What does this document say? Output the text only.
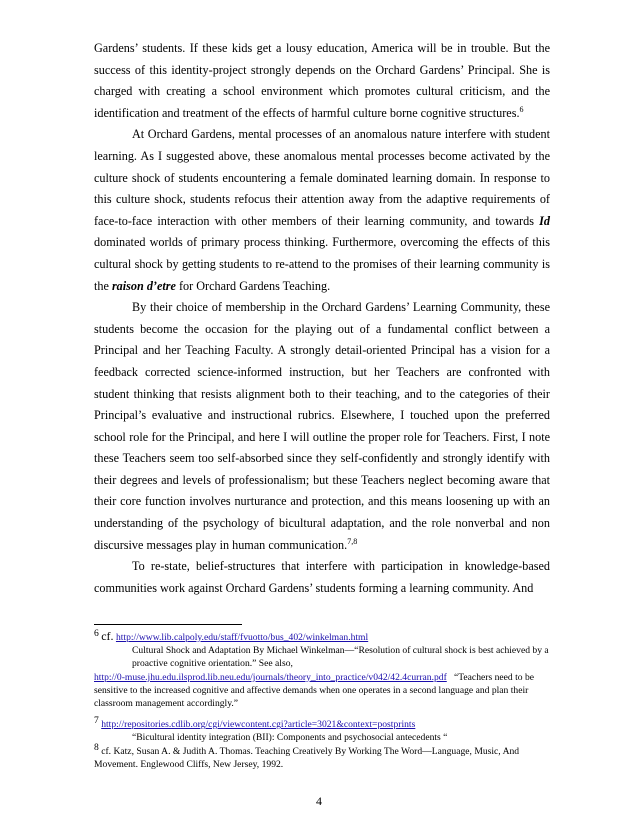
Gardens’ students. If these kids get a lousy education, America will be in trouble. But the success of this identity-project strongly depends on the Orchard Gardens’ Principal. She is charged with creating a school environment which promotes cultural criticism, and the identification and treatment of the effects of harmful culture borne cognitive structures.$^6$

At Orchard Gardens, mental processes of an anomalous nature interfere with student learning. As I suggested above, these anomalous mental processes become activated by the culture shock of students encountering a female dominated learning domain. In response to this culture shock, students refocus their attention away from the adaptive requirements of face-to-face interaction with other members of their learning community, and towards Id dominated worlds of primary process thinking. Furthermore, overcoming the effects of this cultural shock by getting students to re-attend to the promises of their learning community is the raison d’etre for Orchard Gardens Teaching.

By their choice of membership in the Orchard Gardens’ Learning Community, these students become the occasion for the playing out of a fundamental conflict between a Principal and her Teaching Faculty. A strongly detail-oriented Principal has a vision for a feedback corrected science-informed instruction, but her Teachers are confronted with student thinking that resists alignment both to their teaching, and to the categories of their Principal’s evaluative and instructional rubrics. Elsewhere, I touched upon the preferred school role for the Principal, and here I will outline the proper role for Teachers. First, I note these Teachers seem too self-absorbed since they self-confidently and strongly identify with their degrees and levels of professionalism; but these Teachers neglect becoming aware that their core function involves nurturance and protection, and this means loosening up with an understanding of the psychology of bicultural adaptation, and the role nonverbal and non discursive messages play in human communication.$^{7,8}$

To re-state, belief-structures that interfere with participation in knowledge-based communities work against Orchard Gardens’ students forming a learning community. And

6 cf. http://www.lib.calpoly.edu/staff/fvuotto/bus_402/winkelman.html
Cultural Shock and Adaptation By Michael Winkelman—“Resolution of cultural shock is best achieved by a proactive cognitive orientation.” See also,
http://0-muse.jhu.edu.ilsprod.lib.neu.edu/journals/theory_into_practice/v042/42.4curran.pdf “Teachers need to be sensitive to the increased cognitive and affective demands when one operates in a second language and plan their classroom management accordingly.”
7 http://repositories.cdlib.org/cgi/viewcontent.cgi?article=3021&context=postprints
“Bicultural identity integration (BII): Components and psychosocial antecedents “
8 cf. Katz, Susan A. & Judith A. Thomas. Teaching Creatively By Working The Word—Language, Music, And Movement. Englewood Cliffs, New Jersey, 1992.
4
